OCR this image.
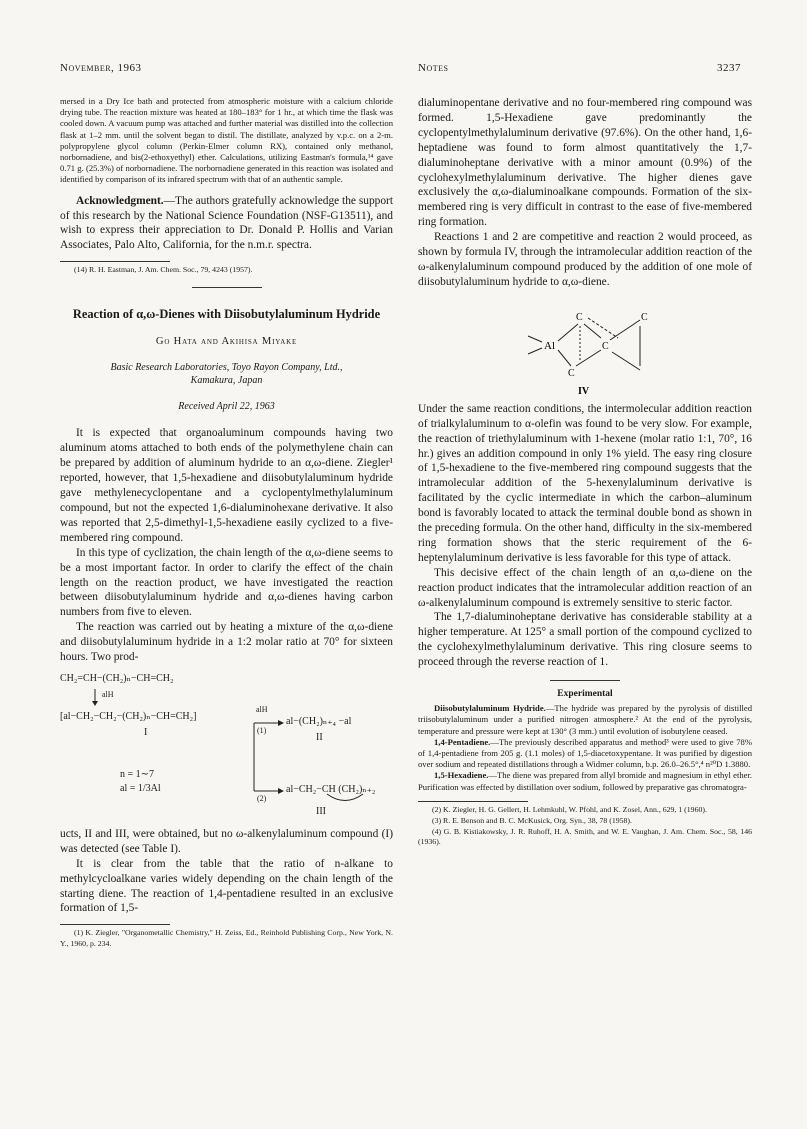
November, 1963	Notes	3237

mersed in a Dry Ice bath and protected from atmospheric moisture with a calcium chloride drying tube. The reaction mixture was heated at 180–183° for 1 hr., at which time the flask was cooled down. A vacuum pump was attached and further material was distilled into the collection flask at 1–2 mm. until the solvent began to distil. The distillate, analyzed by v.p.c. on a 2-m. polypropylene glycol column (Perkin-Elmer column RX), contained only methanol, norbornadiene, and bis(2-ethoxyethyl) ether. Calculations, utilizing Eastman's formula,¹⁴ gave 0.71 g. (25.3%) of norbornadiene. The norbornadiene generated in this reaction was isolated and identified by comparison of its infrared spectrum with that of an authentic sample.

Acknowledgment.—The authors gratefully acknowledge the support of this research by the National Science Foundation (NSF-G13511), and wish to express their appreciation to Dr. Donald P. Hollis and Varian Associates, Palo Alto, California, for the n.m.r. spectra.

(14) R. H. Eastman, J. Am. Chem. Soc., 79, 4243 (1957).

Reaction of α,ω-Dienes with Diisobutylaluminum Hydride
Go Hata and Akihisa Miyake
Basic Research Laboratories, Toyo Rayon Company, Ltd.,
Kamakura, Japan
Received April 22, 1963

It is expected that organoaluminum compounds having two aluminum atoms attached to both ends of the polymethylene chain can be prepared by addition of aluminum hydride to an α,ω-diene. Ziegler¹ reported, however, that 1,5-hexadiene and diisobutylaluminum hydride gave methylenecyclopentane and a cyclopentylmethylaluminum compound, but not the expected 1,6-dialuminohexane derivative. It also was reported that 2,5-dimethyl-1,5-hexadiene easily cyclized to a five-membered ring compound.

In this type of cyclization, the chain length of the α,ω-diene seems to be a most important factor. In order to clarify the effect of the chain length on the reaction product, we have investigated the reaction between diisobutylaluminum hydride and α,ω-dienes having carbon numbers from five to eleven.

The reaction was carried out by heating a mixture of the α,ω-diene and diisobutylaluminum hydride in a 1:2 molar ratio at 70° for sixteen hours. Two prod-

CH₂=CH−(CH₂)ₙ−CH=CH₂
alH
[al−CH₂−CH₂−(CH₂)ₙ−CH=CH₂]
I
alH
(1)
al−(CH₂)ₙ₊₄ −al
II
(2)
al−CH₂−CH (CH₂)ₙ₊₂
III
n = 1∼7
al = 1/3Al

ucts, II and III, were obtained, but no ω-alkenylaluminum compound (I) was detected (see Table I).

It is clear from the table that the ratio of n-alkane to methylcycloalkane varies widely depending on the chain length of the starting diene. The reaction of 1,4-pentadiene resulted in an exclusive formation of 1,5-

(1) K. Ziegler, "Organometallic Chemistry," H. Zeiss, Ed., Reinhold Publishing Corp., New York, N. Y., 1960, p. 234.

dialuminopentane derivative and no four-membered ring compound was formed. 1,5-Hexadiene gave predominantly the cyclopentylmethylaluminum derivative (97.6%). On the other hand, 1,6-heptadiene was found to form almost quantitatively the 1,7-dialuminoheptane derivative with a minor amount (0.9%) of the cyclohexylmethylaluminum derivative. The higher dienes gave exclusively the α,ω-dialuminoalkane compounds. Formation of the six-membered ring is very difficult in contrast to the ease of five-membered ring formation.

Reactions 1 and 2 are competitive and reaction 2 would proceed, as shown by formula IV, through the intramolecular addition reaction of the ω-alkenylaluminum compound produced by the addition of one mole of diisobutylaluminum hydride to α,ω-diene.

Al
C
C
C
C
IV

Under the same reaction conditions, the intermolecular addition reaction of trialkylaluminum to α-olefin was found to be very slow. For example, the reaction of triethylaluminum with 1-hexene (molar ratio 1:1, 70°, 16 hr.) gives an addition compound in only 1% yield. The easy ring closure of 1,5-hexadiene to the five-membered ring compound suggests that the intramolecular addition of the 5-hexenylaluminum derivative is facilitated by the cyclic intermediate in which the carbon–aluminum bond is favorably located to attack the terminal double bond as shown in the preceding formula. On the other hand, difficulty in the six-membered ring formation shows that the steric requirement of the 6-heptenylaluminum derivative is less favorable for this type of attack.

This decisive effect of the chain length of an α,ω-diene on the reaction product indicates that the intramolecular addition reaction of an ω-alkenylaluminum compound is extremely sensitive to steric factor.

The 1,7-dialuminoheptane derivative has considerable stability at a higher temperature. At 125° a small portion of the compound cyclized to the cyclohexylmethylaluminum derivative. This ring closure seems to proceed through the reverse reaction of 1.

Experimental

Diisobutylaluminum Hydride.—The hydride was prepared by the pyrolysis of distilled triisobutylaluminum under a purified nitrogen atmosphere.² At the end of the pyrolysis, temperature and pressure were kept at 130° (3 mm.) until evolution of isobutylene ceased.

1,4-Pentadiene.—The previously described apparatus and method³ were used to give 78% of 1,4-pentadiene from 205 g. (1.1 moles) of 1,5-diacetoxypentane. It was purified by digestion over sodium and repeated distillations through a Widmer column, b.p. 26.0–26.5°,⁴ n²⁰D 1.3880.

1,5-Hexadiene.—The diene was prepared from allyl bromide and magnesium in ethyl ether. Purification was effected by distillation over sodium, followed by preparative gas chromatogra-

(2) K. Ziegler, H. G. Gellert, H. Lehmkuhl, W. Pfohl, and K. Zosel, Ann., 629, 1 (1960).

(3) R. E. Benson and B. C. McKusick, Org. Syn., 38, 78 (1958).

(4) G. B. Kistiakowsky, J. R. Ruhoff, H. A. Smith, and W. E. Vaughan, J. Am. Chem. Soc., 58, 146 (1936).
